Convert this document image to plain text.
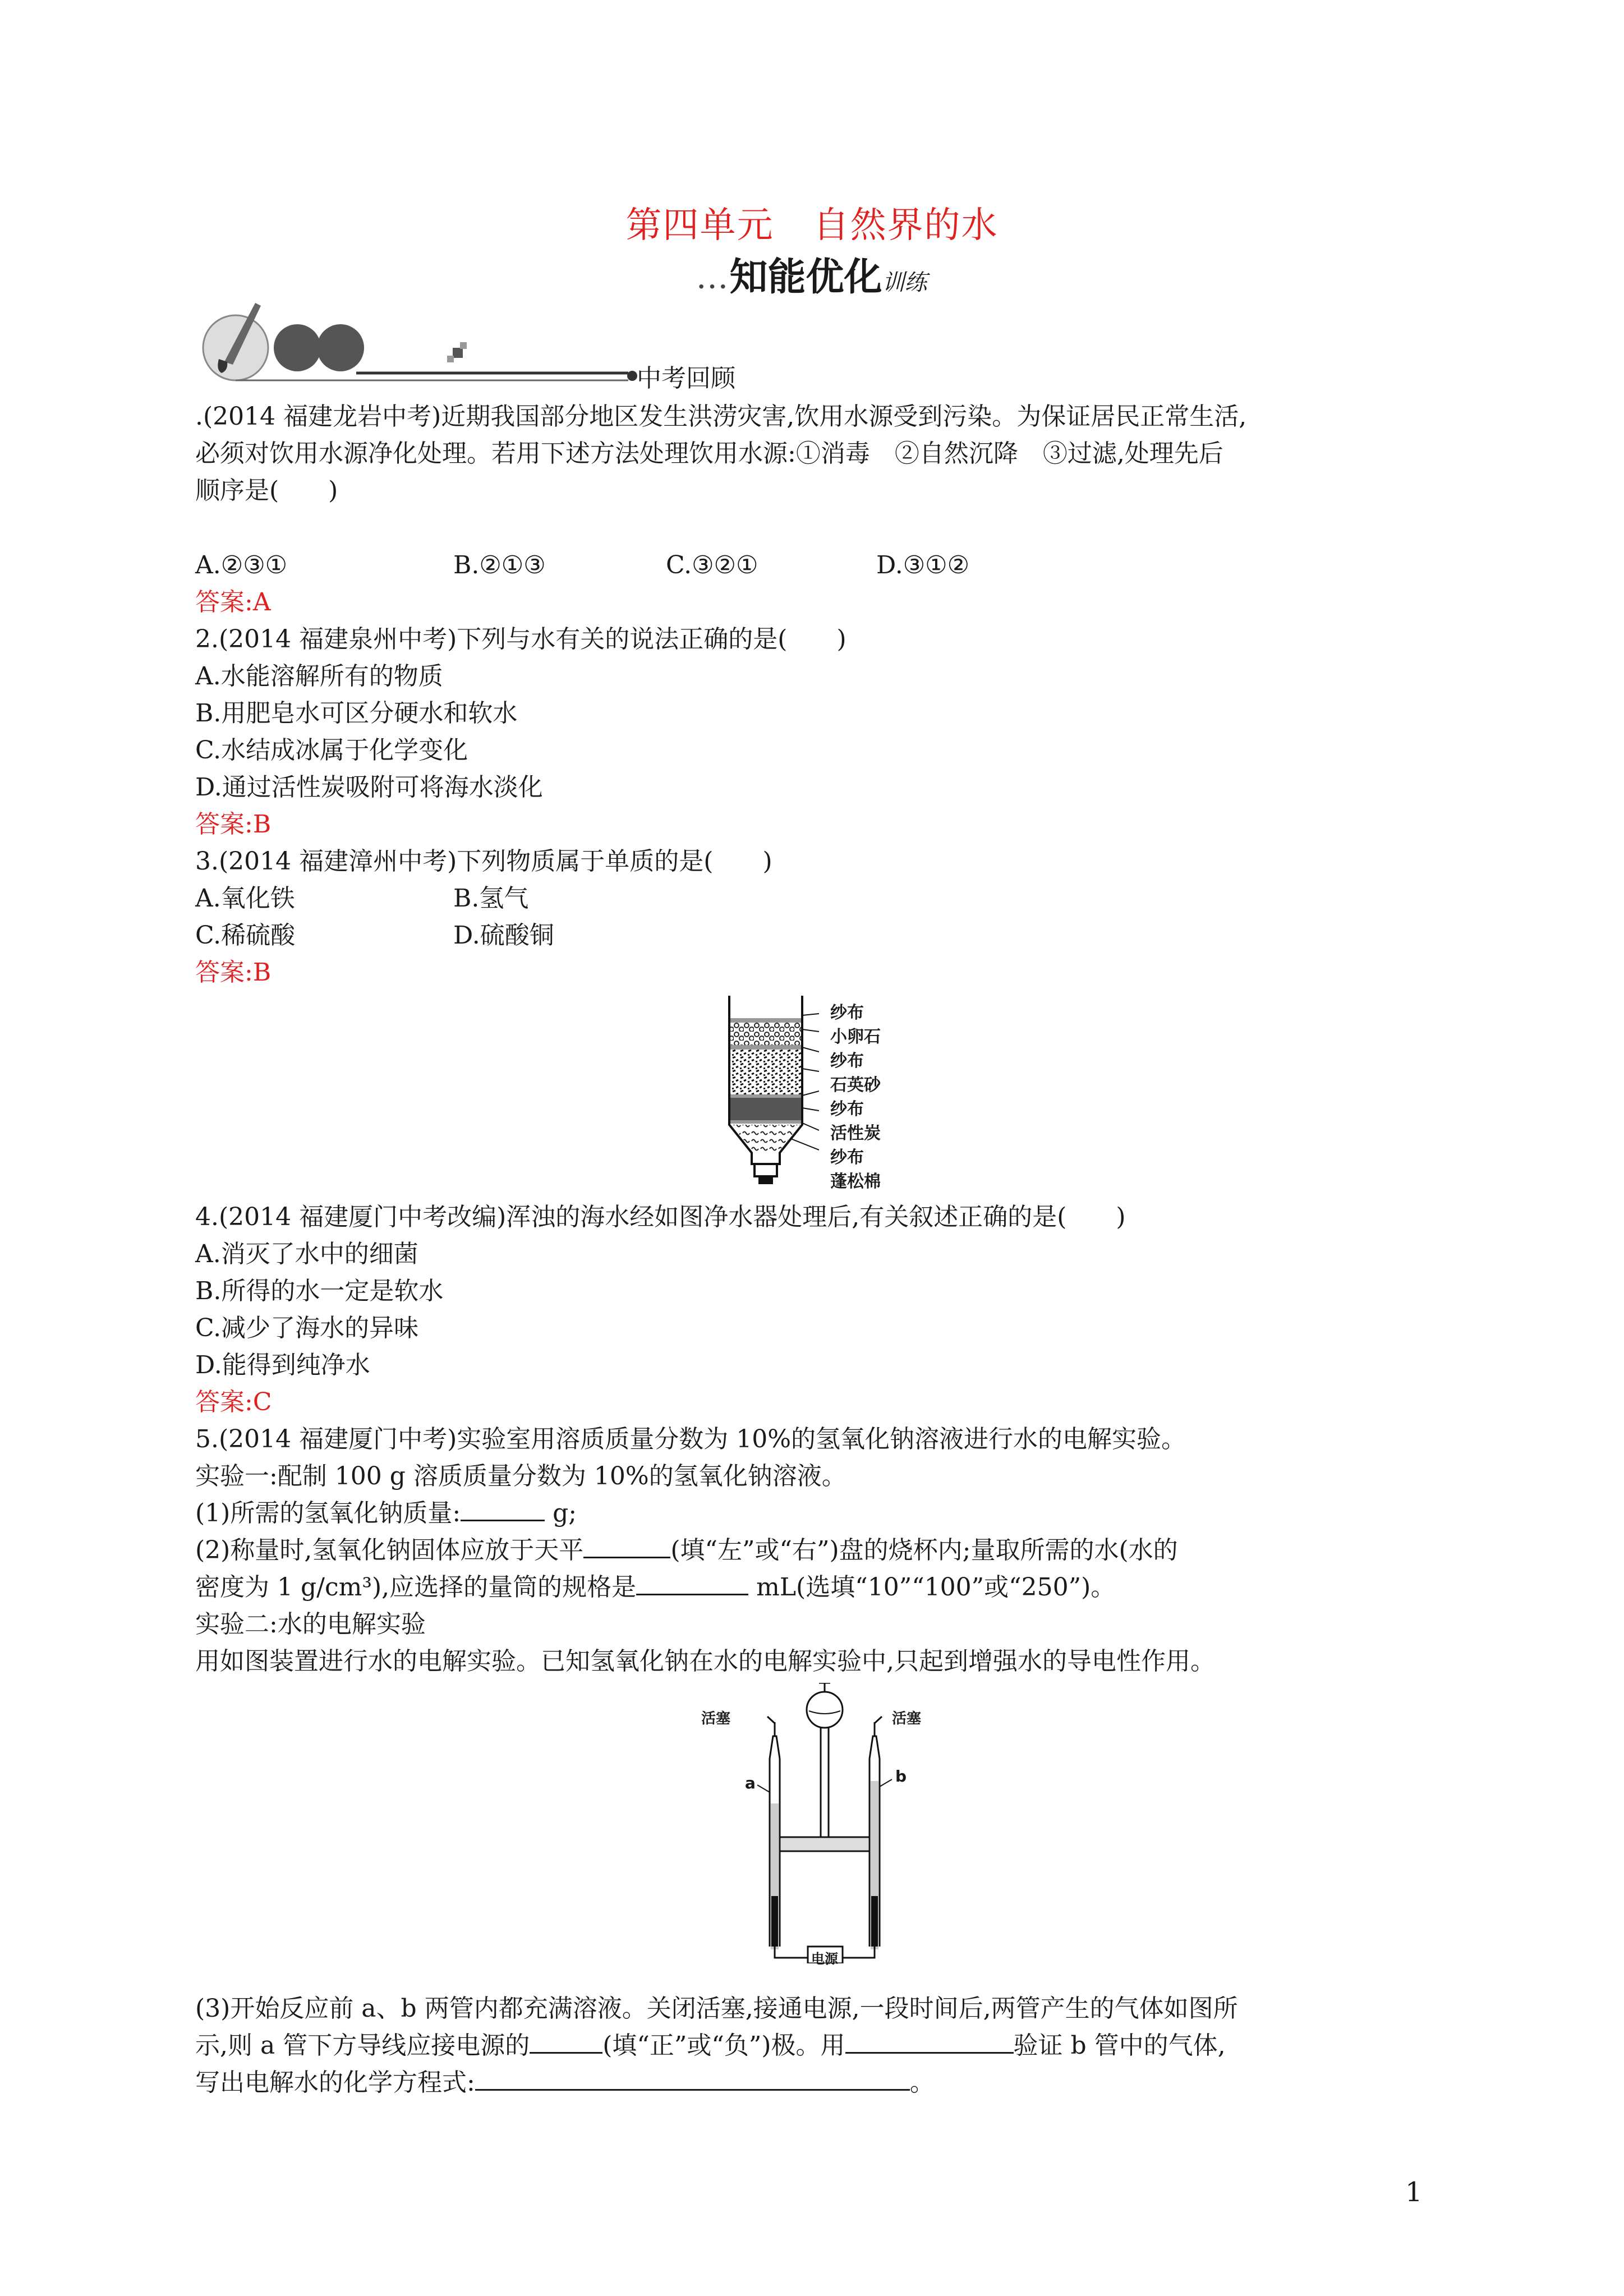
第四单元 自然界的水
•••知能优化训练
中考回顾
.(2014 福建龙岩中考)近期我国部分地区发生洪涝灾害,饮用水源受到污染。为保证居民正常生活,
必须对饮用水源净化处理。若用下述方法处理饮用水源:①消毒　②自然沉降　③过滤,处理先后
顺序是(　　)
A.②③①	B.②①③	C.③②①	D.③①②
答案:A
2.(2014 福建泉州中考)下列与水有关的说法正确的是(　　)
A.水能溶解所有的物质
B.用肥皂水可区分硬水和软水
C.水结成冰属于化学变化
D.通过活性炭吸附可将海水淡化
答案:B
3.(2014 福建漳州中考)下列物质属于单质的是(　　)
A.氧化铁	B.氢气
C.稀硫酸	D.硫酸铜
答案:B
纱布
小卵石
纱布
石英砂
纱布
活性炭
纱布
蓬松棉
4.(2014 福建厦门中考改编)浑浊的海水经如图净水器处理后,有关叙述正确的是(　　)
A.消灭了水中的细菌
B.所得的水一定是软水
C.减少了海水的异味
D.能得到纯净水
答案:C
5.(2014 福建厦门中考)实验室用溶质质量分数为 10%的氢氧化钠溶液进行水的电解实验。
实验一:配制 100 g 溶质质量分数为 10%的氢氧化钠溶液。
(1)所需的氢氧化钠质量:	g;
(2)称量时,氢氧化钠固体应放于天平	(填“左”或“右”)盘的烧杯内;量取所需的水(水的
密度为 1 g/cm³),应选择的量筒的规格是	mL(选填“10”“100”或“250”)。
实验二:水的电解实验
用如图装置进行水的电解实验。已知氢氧化钠在水的电解实验中,只起到增强水的导电性作用。
活塞	活塞
a	b
电源
(3)开始反应前 a、b 两管内都充满溶液。关闭活塞,接通电源,一段时间后,两管产生的气体如图所
示,则 a 管下方导线应接电源的	(填“正”或“负”)极。用	验证 b 管中的气体,
写出电解水的化学方程式:	。
1
